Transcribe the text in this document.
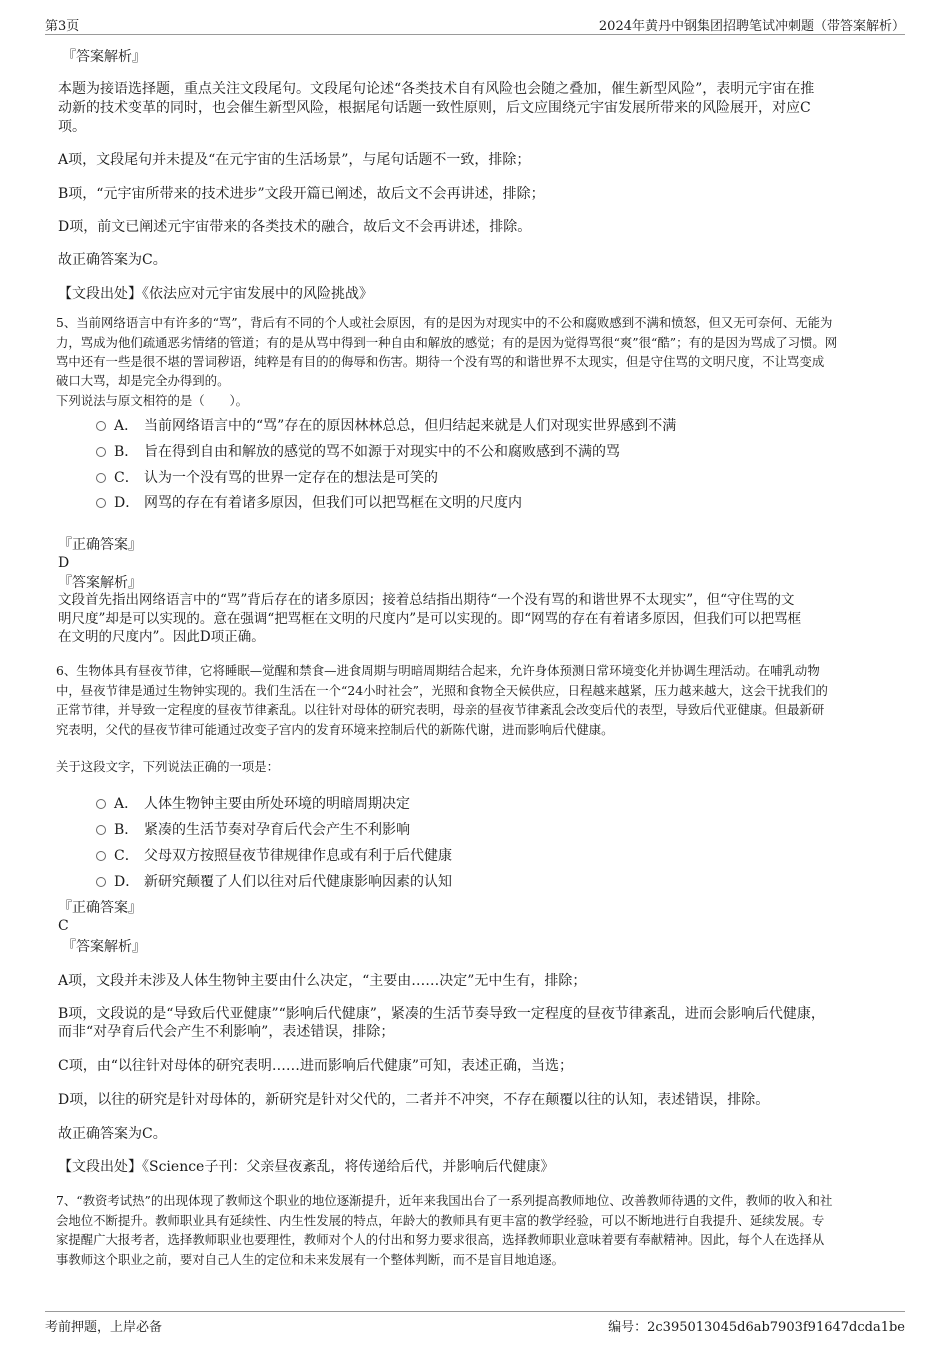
第3页	2024年黄丹中钢集团招聘笔试冲刺题（带答案解析）
『答案解析』
本题为接语选择题，重点关注文段尾句。文段尾句论述“各类技术自有风险也会随之叠加，催生新型风险”，表明元宇宙在推
动新的技术变革的同时，也会催生新型风险，根据尾句话题一致性原则，后文应围绕元宇宙发展所带来的风险展开，对应C
项。
A项，文段尾句并未提及“在元宇宙的生活场景”，与尾句话题不一致，排除；
B项，“元宇宙所带来的技术进步”文段开篇已阐述，故后文不会再讲述，排除；
D项，前文已阐述元宇宙带来的各类技术的融合，故后文不会再讲述，排除。
故正确答案为C。
【文段出处】《依法应对元宇宙发展中的风险挑战》
5、当前网络语言中有许多的“骂”，背后有不同的个人或社会原因，有的是因为对现实中的不公和腐败感到不满和愤怒，但又无可奈何、无能为
力，骂成为他们疏通恶劣情绪的管道；有的是从骂中得到一种自由和解放的感觉；有的是因为觉得骂很“爽”很“酷”；有的是因为骂成了习惯。网
骂中还有一些是很不堪的詈词秽语，纯粹是有目的的侮辱和伤害。期待一个没有骂的和谐世界不太现实，但是守住骂的文明尺度，不让骂变成
破口大骂，却是完全办得到的。
下列说法与原文相符的是（　　）。
A． 当前网络语言中的“骂”存在的原因林林总总，但归结起来就是人们对现实世界感到不满
B． 旨在得到自由和解放的感觉的骂不如源于对现实中的不公和腐败感到不满的骂
C． 认为一个没有骂的世界一定存在的想法是可笑的
D． 网骂的存在有着诸多原因，但我们可以把骂框在文明的尺度内
『正确答案』
D
『答案解析』
文段首先指出网络语言中的“骂”背后存在的诸多原因；接着总结指出期待“一个没有骂的和谐世界不太现实”，但“守住骂的文
明尺度”却是可以实现的。意在强调“把骂框在文明的尺度内”是可以实现的。即“网骂的存在有着诸多原因，但我们可以把骂框
在文明的尺度内”。因此D项正确。
6、生物体具有昼夜节律，它将睡眠—觉醒和禁食—进食周期与明暗周期结合起来，允许身体预测日常环境变化并协调生理活动。在哺乳动物
中，昼夜节律是通过生物钟实现的。我们生活在一个“24小时社会”，光照和食物全天候供应，日程越来越紧，压力越来越大，这会干扰我们的
正常节律，并导致一定程度的昼夜节律紊乱。以往针对母体的研究表明，母亲的昼夜节律紊乱会改变后代的表型，导致后代亚健康。但最新研
究表明，父代的昼夜节律可能通过改变子宫内的发育环境来控制后代的新陈代谢，进而影响后代健康。
关于这段文字，下列说法正确的一项是：
A． 人体生物钟主要由所处环境的明暗周期决定
B． 紧凑的生活节奏对孕育后代会产生不利影响
C． 父母双方按照昼夜节律规律作息或有利于后代健康
D． 新研究颠覆了人们以往对后代健康影响因素的认知
『正确答案』
C
『答案解析』
A项，文段并未涉及人体生物钟主要由什么决定，“主要由……决定”无中生有，排除；
B项，文段说的是“导致后代亚健康”“影响后代健康”，紧凑的生活节奏导致一定程度的昼夜节律紊乱，进而会影响后代健康，
而非“对孕育后代会产生不利影响”，表述错误，排除；
C项，由“以往针对母体的研究表明……进而影响后代健康”可知，表述正确，当选；
D项，以往的研究是针对母体的，新研究是针对父代的，二者并不冲突，不存在颠覆以往的认知，表述错误，排除。
故正确答案为C。
【文段出处】《Science子刊：父亲昼夜紊乱，将传递给后代，并影响后代健康》
7、“教资考试热”的出现体现了教师这个职业的地位逐渐提升，近年来我国出台了一系列提高教师地位、改善教师待遇的文件，教师的收入和社
会地位不断提升。教师职业具有延续性、内生性发展的特点，年龄大的教师具有更丰富的教学经验，可以不断地进行自我提升、延续发展。专
家提醒广大报考者，选择教师职业也要理性，教师对个人的付出和努力要求很高，选择教师职业意味着要有奉献精神。因此，每个人在选择从
事教师这个职业之前，要对自己人生的定位和未来发展有一个整体判断，而不是盲目地追逐。
考前押题，上岸必备	编号：2c395013045d6ab7903f91647dcda1be
